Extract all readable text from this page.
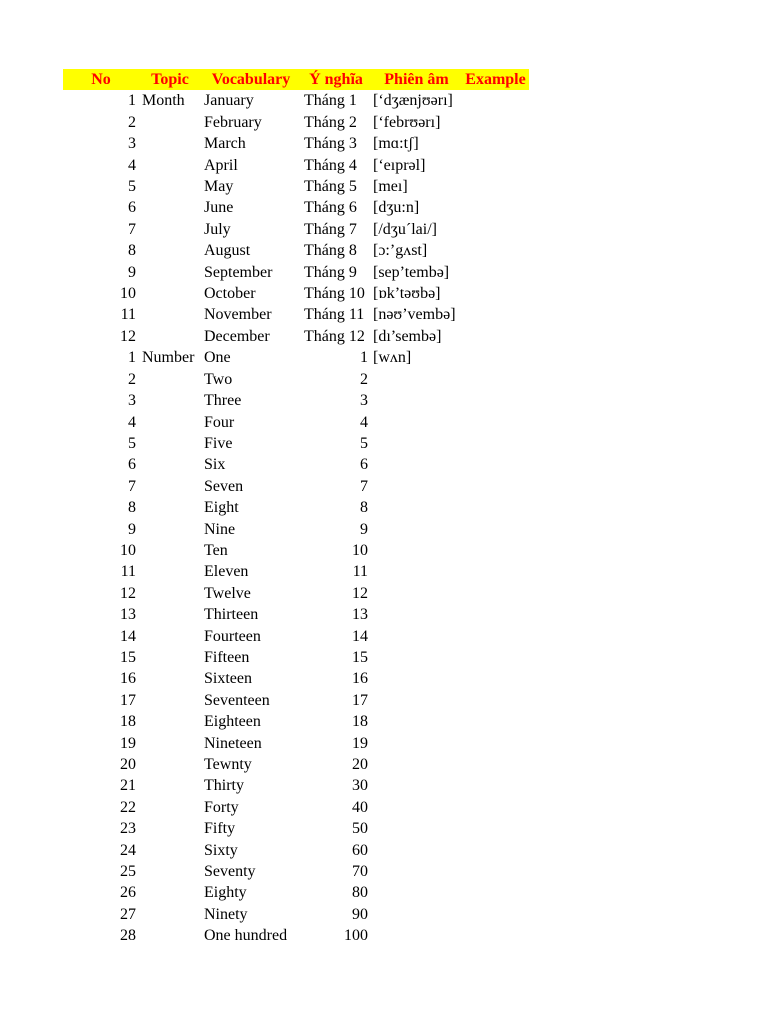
No	Topic	Vocabulary	Ý nghĩa	Phiên âm	Example
1	Month	January	Tháng 1	[‘dʒænjʊərı]	
2		February	Tháng 2	[‘febrʊərı]	
3		March	Tháng 3	[mɑ:tʃ]	
4		April	Tháng 4	[‘eıprəl]	
5		May	Tháng 5	[meı]	
6		June	Tháng 6	[dʒu:n]	
7		July	Tháng 7	[/dʒu´lai/]	
8		August	Tháng 8	[ɔ:’gʌst]	
9		September	Tháng 9	[sep’tembə]	
10		October	Tháng 10	[ɒk’təʊbə]	
11		November	Tháng 11	[nəʊ’vembə]	
12		December	Tháng 12	[dı’sembə]	
1	Number	One	1	[wʌn]	
2		Two	2		
3		Three	3		
4		Four	4		
5		Five	5		
6		Six	6		
7		Seven	7		
8		Eight	8		
9		Nine	9		
10		Ten	10		
11		Eleven	11		
12		Twelve	12		
13		Thirteen	13		
14		Fourteen	14		
15		Fifteen	15		
16		Sixteen	16		
17		Seventeen	17		
18		Eighteen	18		
19		Nineteen	19		
20		Tewnty	20		
21		Thirty	30		
22		Forty	40		
23		Fifty	50		
24		Sixty	60		
25		Seventy	70		
26		Eighty	80		
27		Ninety	90		
28		One hundred	100		
